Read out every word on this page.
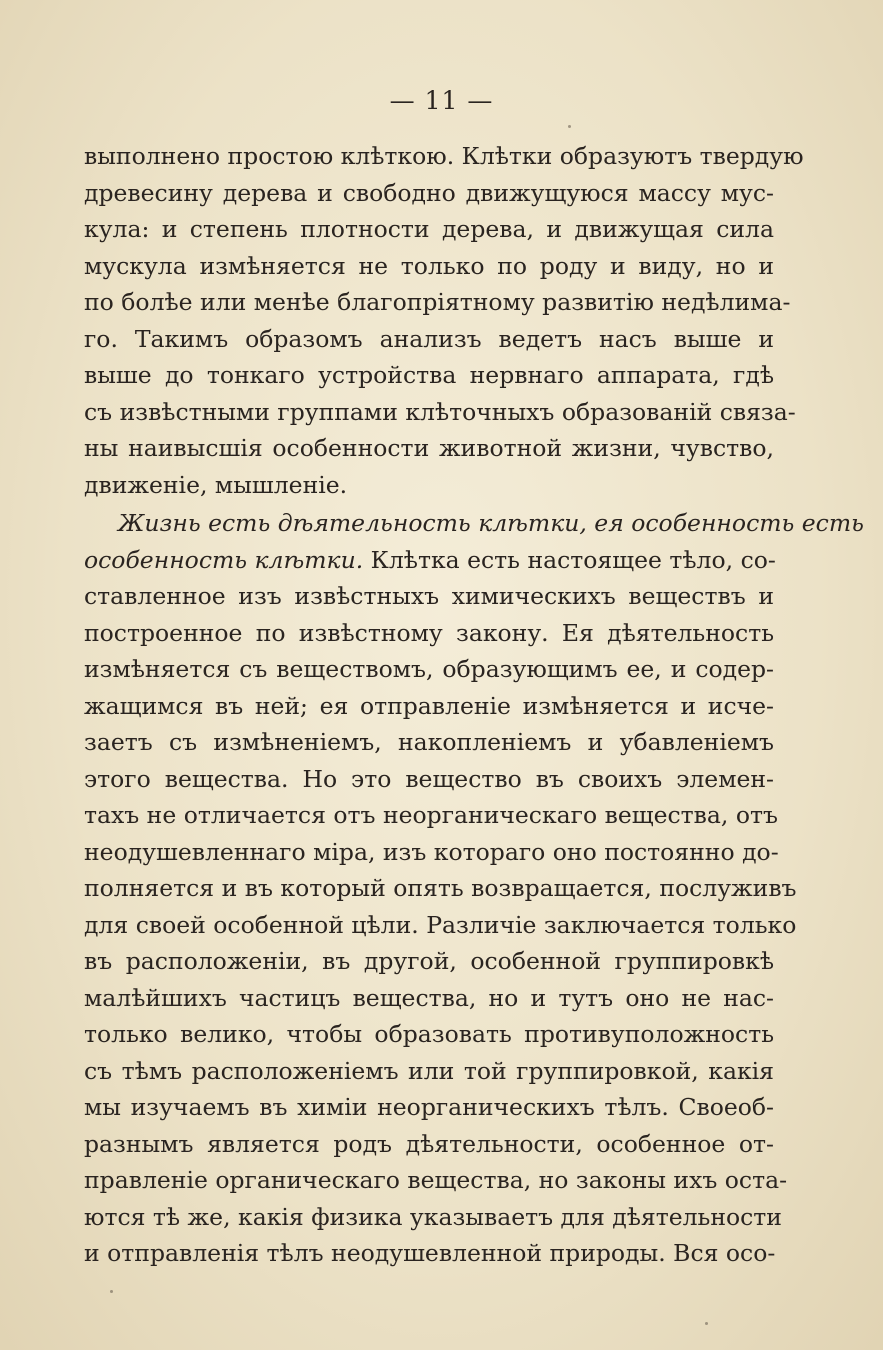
— 11 —
выполнено простою клѣткою. Клѣтки образуютъ твердую
древесину дерева и свободно движущуюся массу мус-
кула: и степень плотности дерева, и движущая сила
мускула измѣняется не только по роду и виду, но и
по болѣе или менѣе благопріятному развитію недѣлима-
го. Такимъ образомъ анализъ ведетъ насъ выше и
выше до тонкаго устройства нервнаго аппарата, гдѣ
съ извѣстными группами клѣточныхъ образованій связа-
ны наивысшія особенности животной жизни, чувство,
движеніе, мышленіе.
Жизнь есть дѣятельность клѣтки, ея особенность есть
особенность клѣтки. Клѣтка есть настоящее тѣло, со-
ставленное изъ извѣстныхъ химическихъ веществъ и
построенное по извѣстному закону. Ея дѣятельность
измѣняется съ веществомъ, образующимъ ее, и содер-
жащимся въ ней; ея отправленіе измѣняется и исче-
заетъ съ измѣненіемъ, накопленіемъ и убавленіемъ
этого вещества. Но это вещество въ своихъ элемен-
тахъ не отличается отъ неорганическаго вещества, отъ
неодушевленнаго міра, изъ котораго оно постоянно до-
полняется и въ который опять возвращается, послуживъ
для своей особенной цѣли. Различіе заключается только
въ расположеніи, въ другой, особенной группировкѣ
малѣйшихъ частицъ вещества, но и тутъ оно не нас-
только велико, чтобы образовать противуположность
съ тѣмъ расположеніемъ или той группировкой, какія
мы изучаемъ въ химіи неорганическихъ тѣлъ. Своеоб-
разнымъ является родъ дѣятельности, особенное от-
правленіе органическаго вещества, но законы ихъ оста-
ются тѣ же, какія физика указываетъ для дѣятельности
и отправленія тѣлъ неодушевленной природы. Вся осо-
